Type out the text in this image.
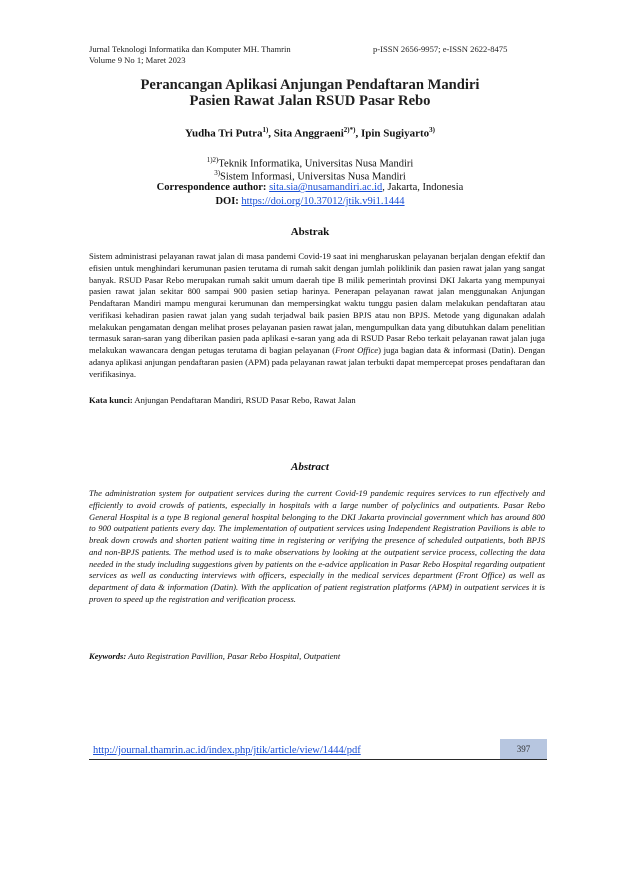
Jurnal Teknologi Informatika dan Komputer MH. Thamrin
Volume 9 No 1; Maret 2023
p-ISSN 2656-9957; e-ISSN 2622-8475
Perancangan Aplikasi Anjungan Pendaftaran Mandiri
Pasien Rawat Jalan RSUD Pasar Rebo
Yudha Tri Putra$^{1)}$, Sita Anggraeni$^{2)*)}$, Ipin Sugiyarto$^{3)}$
$^{1)2)}$Teknik Informatika, Universitas Nusa Mandiri
$^{3)}$Sistem Informasi, Universitas Nusa Mandiri
Correspondence author: sita.sia@nusamandiri.ac.id, Jakarta, Indonesia
DOI: https://doi.org/10.37012/jtik.v9i1.1444
Abstrak
Sistem administrasi pelayanan rawat jalan di masa pandemi Covid-19 saat ini mengharuskan pelayanan berjalan dengan efektif dan efisien untuk menghindari kerumunan pasien terutama di rumah sakit dengan jumlah poliklinik dan pasien rawat jalan yang sangat banyak. RSUD Pasar Rebo merupakan rumah sakit umum daerah tipe B milik pemerintah provinsi DKI Jakarta yang mempunyai pasien rawat jalan sekitar 800 sampai 900 pasien setiap harinya. Penerapan pelayanan rawat jalan menggunakan Anjungan Pendaftaran Mandiri mampu mengurai kerumunan dan mempersingkat waktu tunggu pasien dalam melakukan pendaftaran atau verifikasi kehadiran pasien rawat jalan yang sudah terjadwal baik pasien BPJS atau non BPJS. Metode yang digunakan adalah melakukan pengamatan dengan melihat proses pelayanan pasien rawat jalan, mengumpulkan data yang dibutuhkan dalam penelitian termasuk saran-saran yang diberikan pasien pada aplikasi e-saran yang ada di RSUD Pasar Rebo terkait pelayanan rawat jalan juga melakukan wawancara dengan petugas terutama di bagian pelayanan (Front Office) juga bagian data & informasi (Datin). Dengan adanya aplikasi anjungan pendaftaran pasien (APM) pada pelayanan rawat jalan terbukti dapat mempercepat proses pendaftaran dan verifikasinya.
Kata kunci: Anjungan Pendaftaran Mandiri, RSUD Pasar Rebo, Rawat Jalan
Abstract
The administration system for outpatient services during the current Covid-19 pandemic requires services to run effectively and efficiently to avoid crowds of patients, especially in hospitals with a large number of polyclinics and outpatients. Pasar Rebo General Hospital is a type B regional general hospital belonging to the DKI Jakarta provincial government which has around 800 to 900 outpatient patients every day. The implementation of outpatient services using Independent Registration Pavilions is able to break down crowds and shorten patient waiting time in registering or verifying the presence of scheduled outpatients, both BPJS and non-BPJS patients. The method used is to make observations by looking at the outpatient service process, collecting the data needed in the study including suggestions given by patients on the e-advice application in Pasar Rebo Hospital regarding outpatient services as well as conducting interviews with officers, especially in the medical services department (Front Office) as well as department of data & information (Datin). With the application of patient registration platforms (APM) in outpatient services it is proven to speed up the registration and verification process.
Keywords: Auto Registration Pavillion, Pasar Rebo Hospital, Outpatient
http://journal.thamrin.ac.id/index.php/jtik/article/view/1444/pdf	397
